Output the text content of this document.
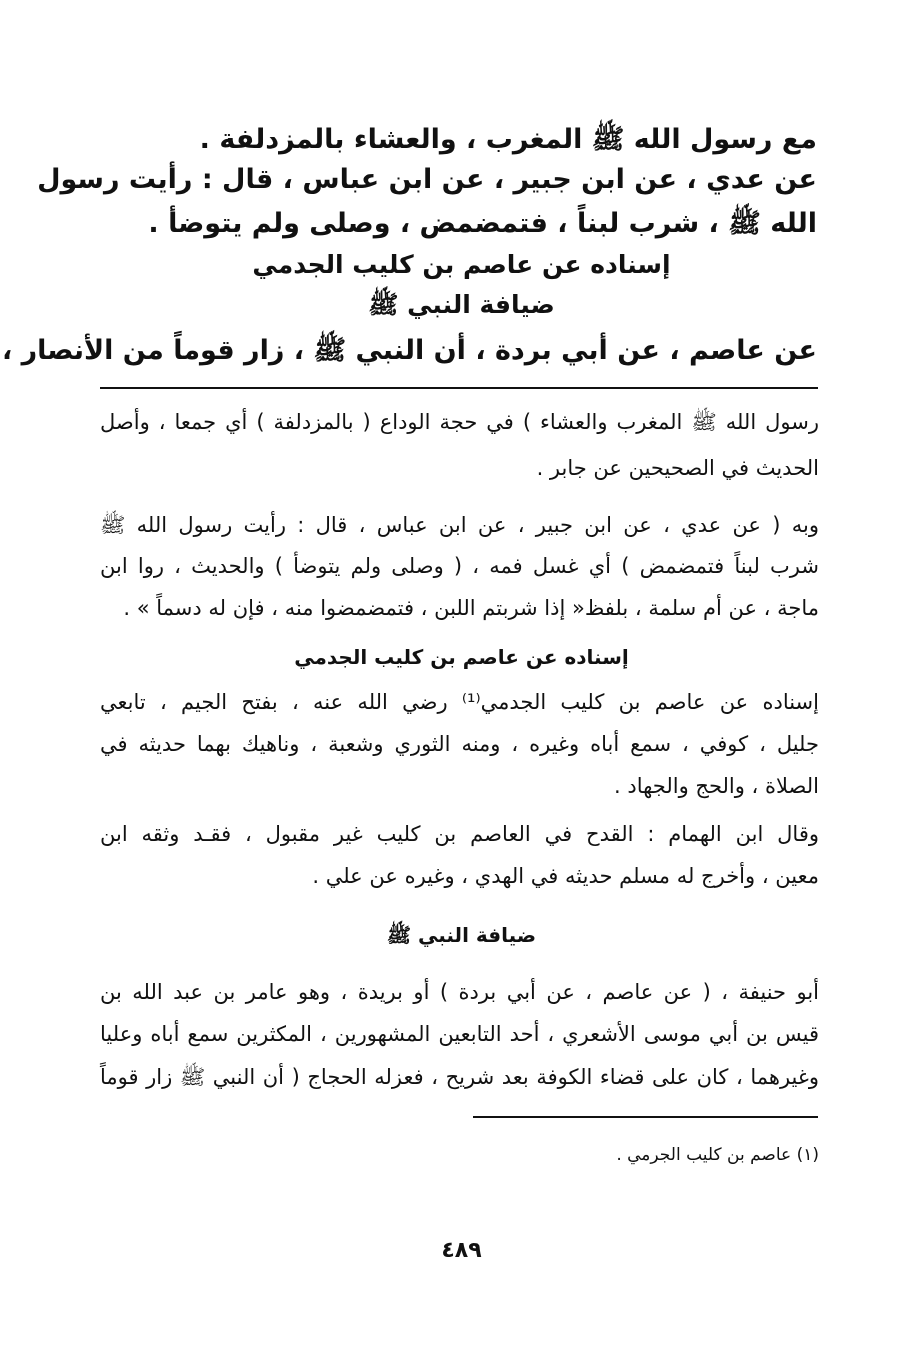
مع رسول الله ﷺ المغرب ، والعشاء بالمزدلفة .
عن عدي ، عن ابن جبير ، عن ابن عباس ، قال : رأيت رسول
الله ﷺ ، شرب لبناً ، فتمضمض ، وصلى ولم يتوضأ .
إسناده عن عاصم بن كليب الجدمي
ضيافة النبي ﷺ
عن عاصم ، عن أبي بردة ، أن النبي ﷺ ، زار قوماً من الأنصار ،
رسول الله ﷺ المغرب والعشاء ) في حجة الوداع ( بالمزدلفة ) أي جمعا ، وأصل
الحديث في الصحيحين عن جابر .
وبه ( عن عدي ، عن ابن جبير ، عن ابن عباس ، قال : رأيت رسول الله ﷺ
شرب لبناً فتمضمض ) أي غسل فمه ، ( وصلى ولم يتوضأ ) والحديث ، روا ابن
ماجة ، عن أم سلمة ، بلفظ« إذا شربتم اللبن ، فتمضمضوا منه ، فإن له دسماً » .
إسناده عن عاصم بن كليب الجدمي
إسناده عن عاصم بن كليب الجدمي⁽¹⁾ رضي الله عنه ، بفتح الجيم ، تابعي
جليل ، كوفي ، سمع أباه وغيره ، ومنه الثوري وشعبة ، وناهيك بهما حديثه في
الصلاة ، والحج والجهاد .
وقال ابن الهمام : القدح في العاصم بن كليب غير مقبول ، فقـد وثقه ابن
معين ، وأخرج له مسلم حديثه في الهدي ، وغيره عن علي .
ضيافة النبي ﷺ
أبو حنيفة ، ( عن عاصم ، عن أبي بردة ) أو بريدة ، وهو عامر بن عبد الله بن
قيس بن أبي موسى الأشعري ، أحد التابعين المشهورين ، المكثرين سمع أباه وعليا
وغيرهما ، كان على قضاء الكوفة بعد شريح ، فعزله الحجاج ( أن النبي ﷺ زار قوماً
(١) عاصم بن كليب الجرمي .
٤٨٩
